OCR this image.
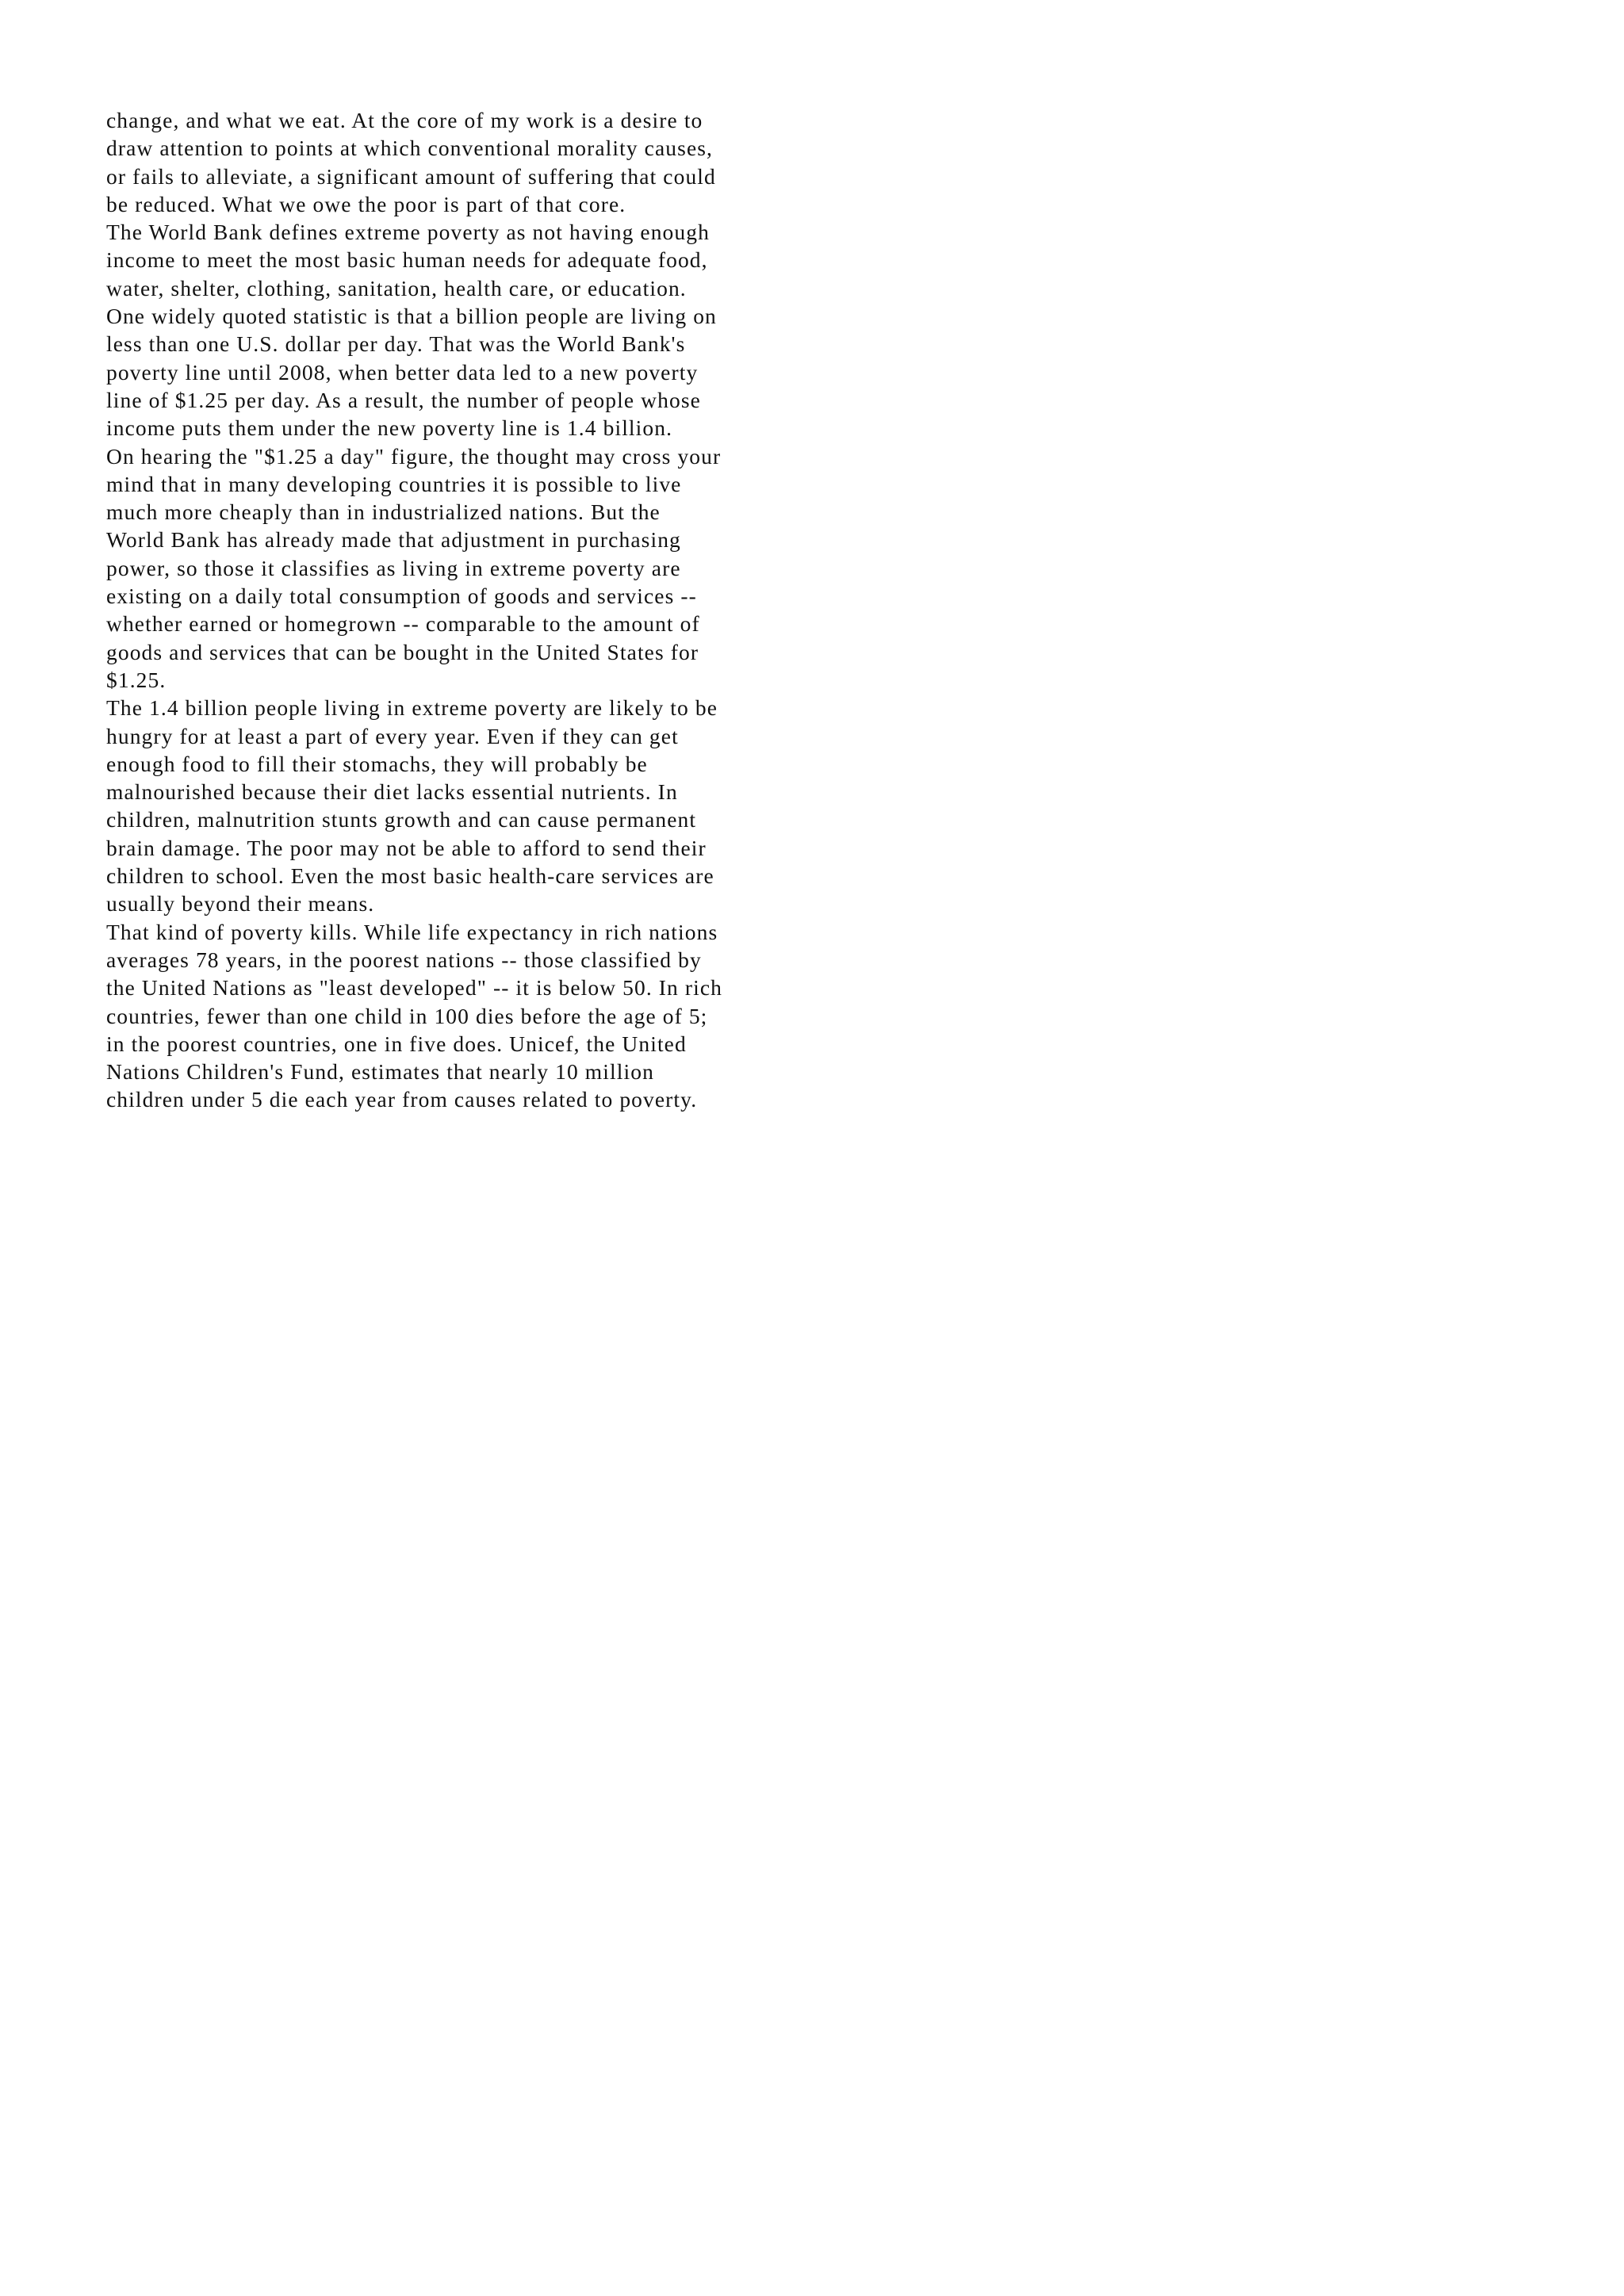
change, and what we eat. At the core of my work is a desire to
draw attention to points at which conventional morality causes,
or fails to alleviate, a significant amount of suffering that could
be reduced. What we owe the poor is part of that core.
The World Bank defines extreme poverty as not having enough
income to meet the most basic human needs for adequate food,
water, shelter, clothing, sanitation, health care, or education.
One widely quoted statistic is that a billion people are living on
less than one U.S. dollar per day. That was the World Bank's
poverty line until 2008, when better data led to a new poverty
line of $1.25 per day. As a result, the number of people whose
income puts them under the new poverty line is 1.4 billion.
On hearing the "$1.25 a day" figure, the thought may cross your
mind that in many developing countries it is possible to live
much more cheaply than in industrialized nations. But the
World Bank has already made that adjustment in purchasing
power, so those it classifies as living in extreme poverty are
existing on a daily total consumption of goods and services --
whether earned or homegrown -- comparable to the amount of
goods and services that can be bought in the United States for
$1.25.
The 1.4 billion people living in extreme poverty are likely to be
hungry for at least a part of every year. Even if they can get
enough food to fill their stomachs, they will probably be
malnourished because their diet lacks essential nutrients. In
children, malnutrition stunts growth and can cause permanent
brain damage. The poor may not be able to afford to send their
children to school. Even the most basic health-care services are
usually beyond their means.
That kind of poverty kills. While life expectancy in rich nations
averages 78 years, in the poorest nations -- those classified by
the United Nations as "least developed" -- it is below 50. In rich
countries, fewer than one child in 100 dies before the age of 5;
in the poorest countries, one in five does. Unicef, the United
Nations Children's Fund, estimates that nearly 10 million
children under 5 die each year from causes related to poverty.
